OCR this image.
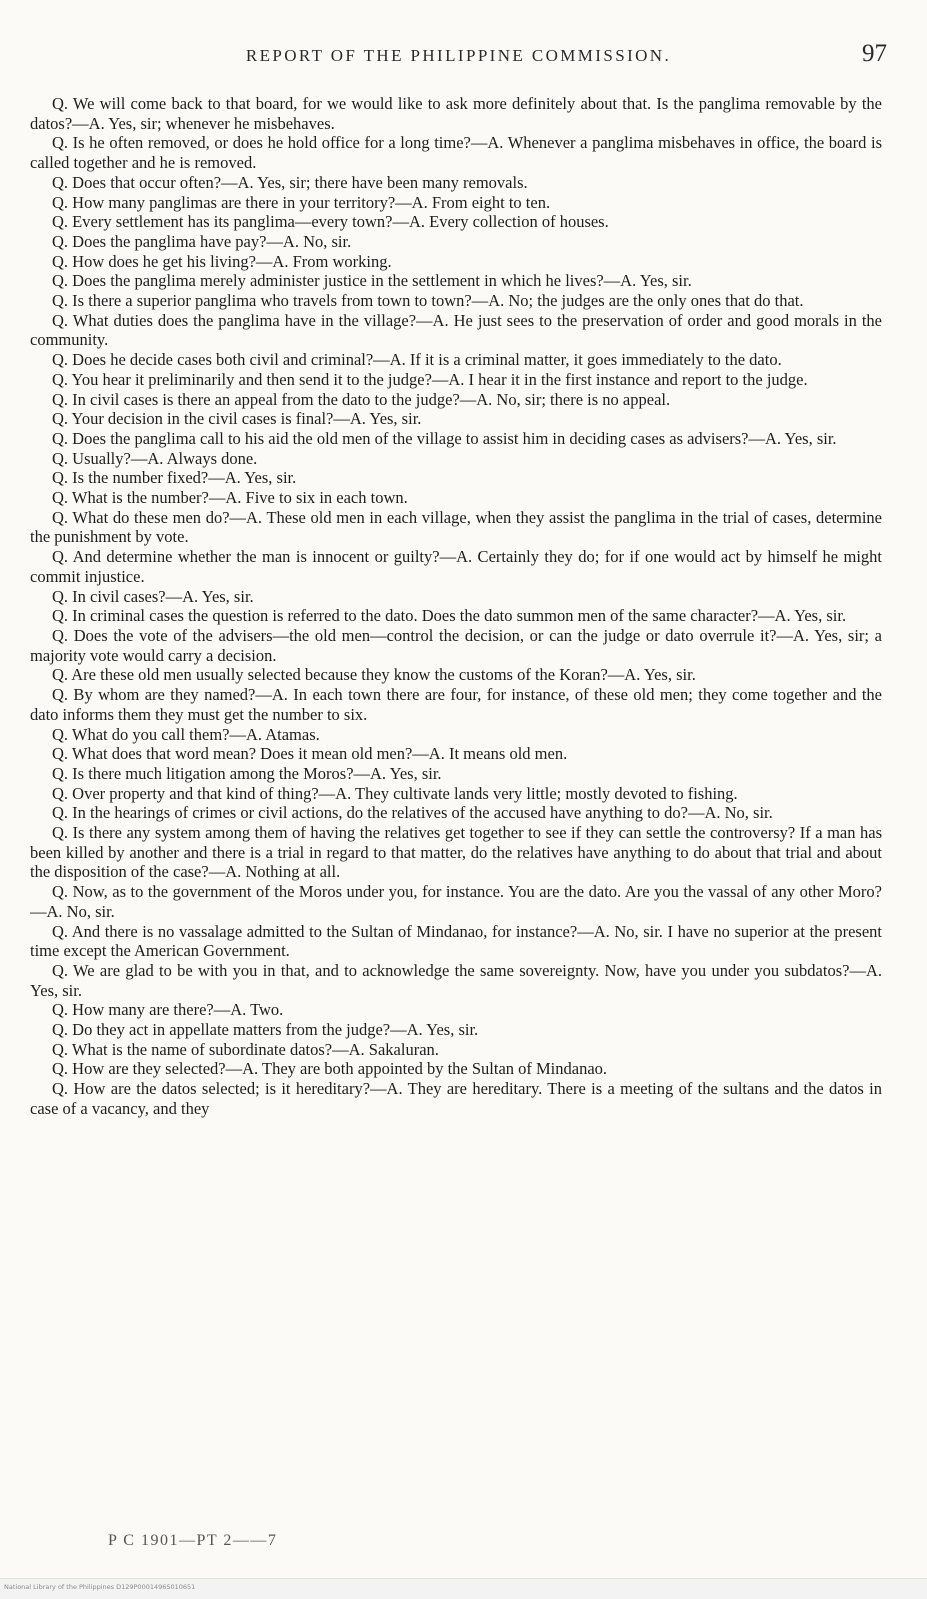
REPORT OF THE PHILIPPINE COMMISSION.	97

Q. We will come back to that board, for we would like to ask more definitely about that. Is the panglima removable by the datos?—A. Yes, sir; whenever he misbehaves.

Q. Is he often removed, or does he hold office for a long time?—A. Whenever a panglima misbehaves in office, the board is called together and he is removed.

Q. Does that occur often?—A. Yes, sir; there have been many removals.

Q. How many panglimas are there in your territory?—A. From eight to ten.

Q. Every settlement has its panglima—every town?—A. Every collection of houses.

Q. Does the panglima have pay?—A. No, sir.

Q. How does he get his living?—A. From working.

Q. Does the panglima merely administer justice in the settlement in which he lives?—A. Yes, sir.

Q. Is there a superior panglima who travels from town to town?—A. No; the judges are the only ones that do that.

Q. What duties does the panglima have in the village?—A. He just sees to the preservation of order and good morals in the community.

Q. Does he decide cases both civil and criminal?—A. If it is a criminal matter, it goes immediately to the dato.

Q. You hear it preliminarily and then send it to the judge?—A. I hear it in the first instance and report to the judge.

Q. In civil cases is there an appeal from the dato to the judge?—A. No, sir; there is no appeal.

Q. Your decision in the civil cases is final?—A. Yes, sir.

Q. Does the panglima call to his aid the old men of the village to assist him in deciding cases as advisers?—A. Yes, sir.

Q. Usually?—A. Always done.

Q. Is the number fixed?—A. Yes, sir.

Q. What is the number?—A. Five to six in each town.

Q. What do these men do?—A. These old men in each village, when they assist the panglima in the trial of cases, determine the punishment by vote.

Q. And determine whether the man is innocent or guilty?—A. Certainly they do; for if one would act by himself he might commit injustice.

Q. In civil cases?—A. Yes, sir.

Q. In criminal cases the question is referred to the dato. Does the dato summon men of the same character?—A. Yes, sir.

Q. Does the vote of the advisers—the old men—control the decision, or can the judge or dato overrule it?—A. Yes, sir; a majority vote would carry a decision.

Q. Are these old men usually selected because they know the customs of the Koran?—A. Yes, sir.

Q. By whom are they named?—A. In each town there are four, for instance, of these old men; they come together and the dato informs them they must get the number to six.

Q. What do you call them?—A. Atamas.

Q. What does that word mean? Does it mean old men?—A. It means old men.

Q. Is there much litigation among the Moros?—A. Yes, sir.

Q. Over property and that kind of thing?—A. They cultivate lands very little; mostly devoted to fishing.

Q. In the hearings of crimes or civil actions, do the relatives of the accused have anything to do?—A. No, sir.

Q. Is there any system among them of having the relatives get together to see if they can settle the controversy? If a man has been killed by another and there is a trial in regard to that matter, do the relatives have anything to do about that trial and about the disposition of the case?—A. Nothing at all.

Q. Now, as to the government of the Moros under you, for instance. You are the dato. Are you the vassal of any other Moro?—A. No, sir.

Q. And there is no vassalage admitted to the Sultan of Mindanao, for instance?—A. No, sir. I have no superior at the present time except the American Government.

Q. We are glad to be with you in that, and to acknowledge the same sovereignty. Now, have you under you subdatos?—A. Yes, sir.

Q. How many are there?—A. Two.

Q. Do they act in appellate matters from the judge?—A. Yes, sir.

Q. What is the name of subordinate datos?—A. Sakaluran.

Q. How are they selected?—A. They are both appointed by the Sultan of Mindanao.

Q. How are the datos selected; is it hereditary?—A. They are hereditary. There is a meeting of the sultans and the datos in case of a vacancy, and they

P C 1901—PT 2——7
National Library of the Philippines D129P0001496S010651
